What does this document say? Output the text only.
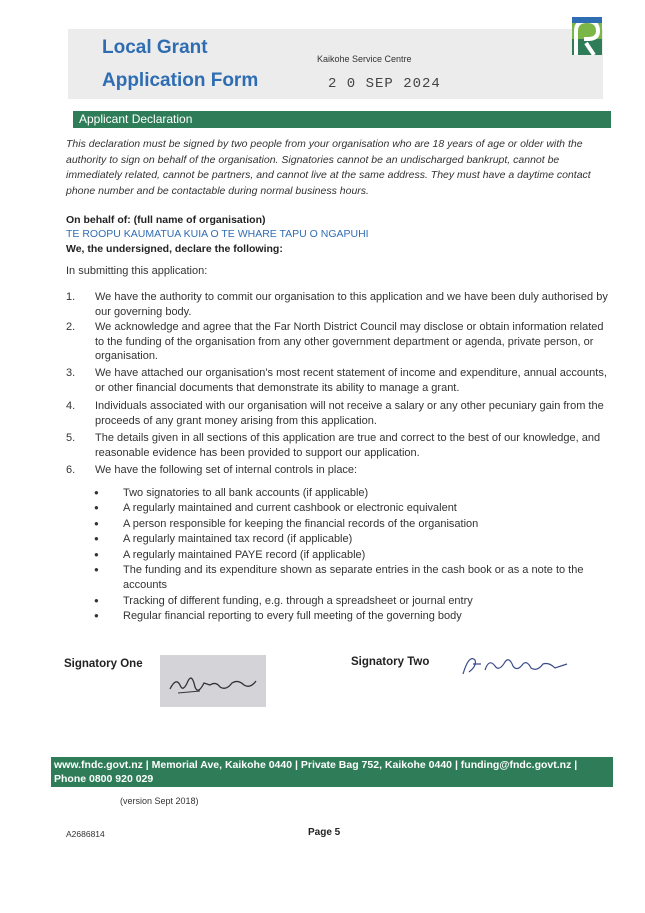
Local Grant
Application Form
Kaikohe Service Centre
2 0 SEP 2024
Applicant Declaration
This declaration must be signed by two people from your organisation who are 18 years of age or older with the authority to sign on behalf of the organisation. Signatories cannot be an undischarged bankrupt, cannot be immediately related, cannot be partners, and cannot live at the same address. They must have a daytime contact phone number and be contactable during normal business hours.
On behalf of: (full name of organisation)
TE ROOPU KAUMATUA KUIA O TE WHARE TAPU O NGAPUHI
We, the undersigned, declare the following:
In submitting this application:
1.	We have the authority to commit our organisation to this application and we have been duly authorised by our governing body.
2.	We acknowledge and agree that the Far North District Council may disclose or obtain information related to the funding of the organisation from any other government department or agenda, private person, or organisation.
3.	We have attached our organisation's most recent statement of income and expenditure, annual accounts, or other financial documents that demonstrate its ability to manage a grant.
4.	Individuals associated with our organisation will not receive a salary or any other pecuniary gain from the proceeds of any grant money arising from this application.
5.	The details given in all sections of this application are true and correct to the best of our knowledge, and reasonable evidence has been provided to support our application.
6.	We have the following set of internal controls in place:
● Two signatories to all bank accounts (if applicable)
● A regularly maintained and current cashbook or electronic equivalent
● A person responsible for keeping the financial records of the organisation
● A regularly maintained tax record (if applicable)
● A regularly maintained PAYE record (if applicable)
● The funding and its expenditure shown as separate entries in the cash book or as a note to the accounts
● Tracking of different funding, e.g. through a spreadsheet or journal entry
● Regular financial reporting to every full meeting of the governing body
Signatory One	Signatory Two
www.fndc.govt.nz | Memorial Ave, Kaikohe 0440 | Private Bag 752, Kaikohe 0440 | funding@fndc.govt.nz | Phone 0800 920 029
(version Sept 2018)
A2686814	Page 5
